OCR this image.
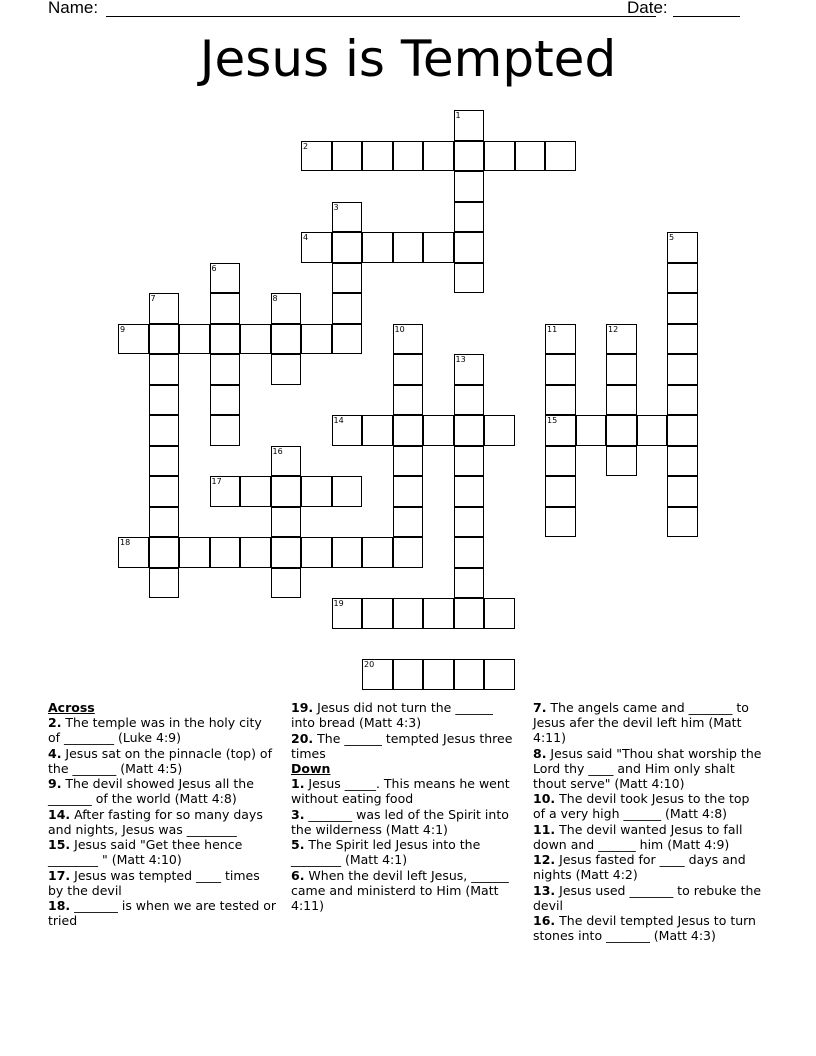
Name:	Date:
Jesus is Tempted
1
2
3
4	5
6
7	8
9	10	11
15
12
13
14
16
17
18
19
20
Across
2. The temple was in the holy city of ________ (Luke 4:9)
4. Jesus sat on the pinnacle (top) of the _______ (Matt 4:5)
9. The devil showed Jesus all the _______ of the world (Matt 4:8)
14. After fasting for so many days and nights, Jesus was ________
15. Jesus said "Get thee hence ________ " (Matt 4:10)
17. Jesus was tempted ____ times by the devil
18. _______ is when we are tested or tried
19. Jesus did not turn the ______ into bread (Matt 4:3)
20. The ______ tempted Jesus three times
Down
1. Jesus _____. This means he went without eating food
3. _______ was led of the Spirit into the wilderness (Matt 4:1)
5. The Spirit led Jesus into the ________ (Matt 4:1)
6. When the devil left Jesus, ______ came and ministerd to Him (Matt 4:11)
7. The angels came and _______ to Jesus afer the devil left him (Matt 4:11)
8. Jesus said "Thou shat worship the Lord thy ____ and Him only shalt thout serve" (Matt 4:10)
10. The devil took Jesus to the top of a very high ______ (Matt 4:8)
11. The devil wanted Jesus to fall down and ______ him (Matt 4:9)
12. Jesus fasted for ____ days and nights (Matt 4:2)
13. Jesus used _______ to rebuke the devil
16. The devil tempted Jesus to turn stones into _______ (Matt 4:3)
